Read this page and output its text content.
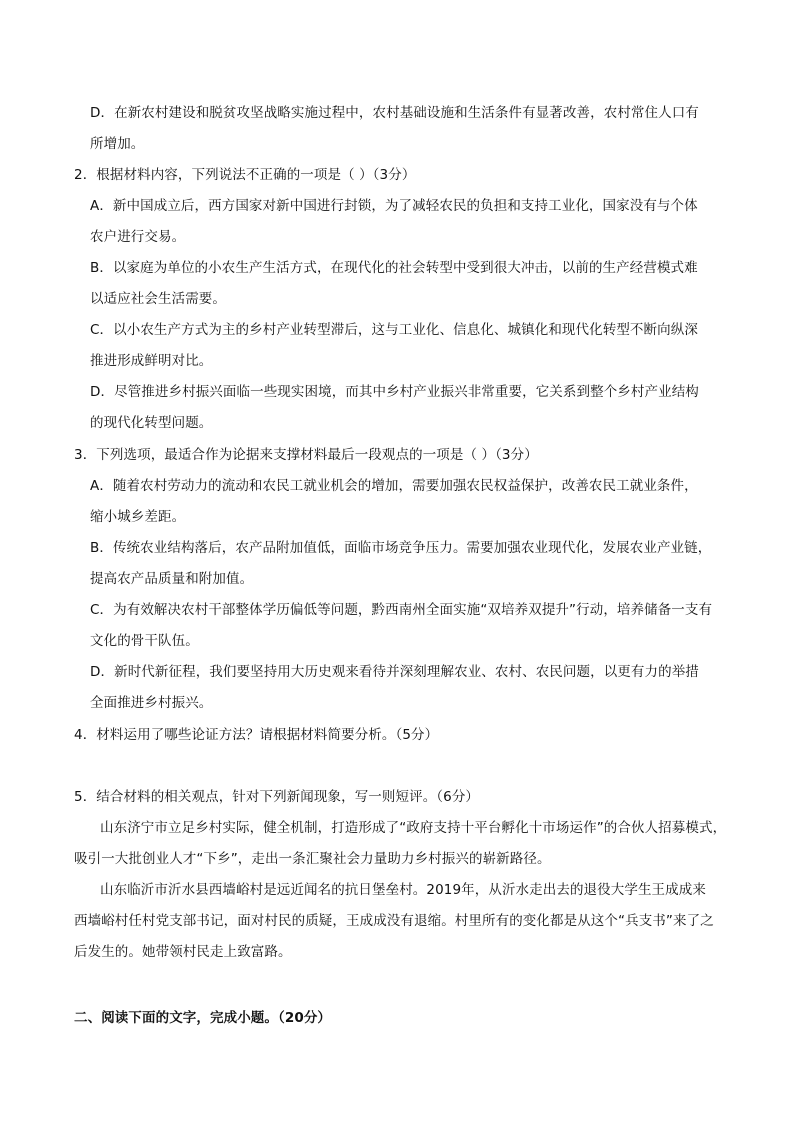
D．在新农村建设和脱贫攻坚战略实施过程中，农村基础设施和生活条件有显著改善，农村常住人口有
所增加。
2．根据材料内容，下列说法不正确的一项是（ ）（3分）
A．新中国成立后，西方国家对新中国进行封锁，为了减轻农民的负担和支持工业化，国家没有与个体
农户进行交易。
B．以家庭为单位的小农生产生活方式，在现代化的社会转型中受到很大冲击，以前的生产经营模式难
以适应社会生活需要。
C．以小农生产方式为主的乡村产业转型滞后，这与工业化、信息化、城镇化和现代化转型不断向纵深
推进形成鲜明对比。
D．尽管推进乡村振兴面临一些现实困境，而其中乡村产业振兴非常重要，它关系到整个乡村产业结构
的现代化转型问题。
3．下列选项，最适合作为论据来支撑材料最后一段观点的一项是（ ）（3分）
A．随着农村劳动力的流动和农民工就业机会的增加，需要加强农民权益保护，改善农民工就业条件，
缩小城乡差距。
B．传统农业结构落后，农产品附加值低，面临市场竞争压力。需要加强农业现代化，发展农业产业链，
提高农产品质量和附加值。
C．为有效解决农村干部整体学历偏低等问题，黔西南州全面实施“双培养双提升”行动，培养储备一支有
文化的骨干队伍。
D．新时代新征程，我们要坚持用大历史观来看待并深刻理解农业、农村、农民问题，以更有力的举措
全面推进乡村振兴。
4．材料运用了哪些论证方法？请根据材料简要分析。（5分）
5．结合材料的相关观点，针对下列新闻现象，写一则短评。（6分）
山东济宁市立足乡村实际，健全机制，打造形成了“政府支持十平台孵化十市场运作”的合伙人招募模式，
吸引一大批创业人才“下乡”，走出一条汇聚社会力量助力乡村振兴的崭新路径。
山东临沂市沂水县西墙峪村是远近闻名的抗日堡垒村。2019年，从沂水走出去的退役大学生王成成来
西墙峪村任村党支部书记，面对村民的质疑，王成成没有退缩。村里所有的变化都是从这个“兵支书”来了之
后发生的。她带领村民走上致富路。
二、阅读下面的文字，完成小题。（20分）
